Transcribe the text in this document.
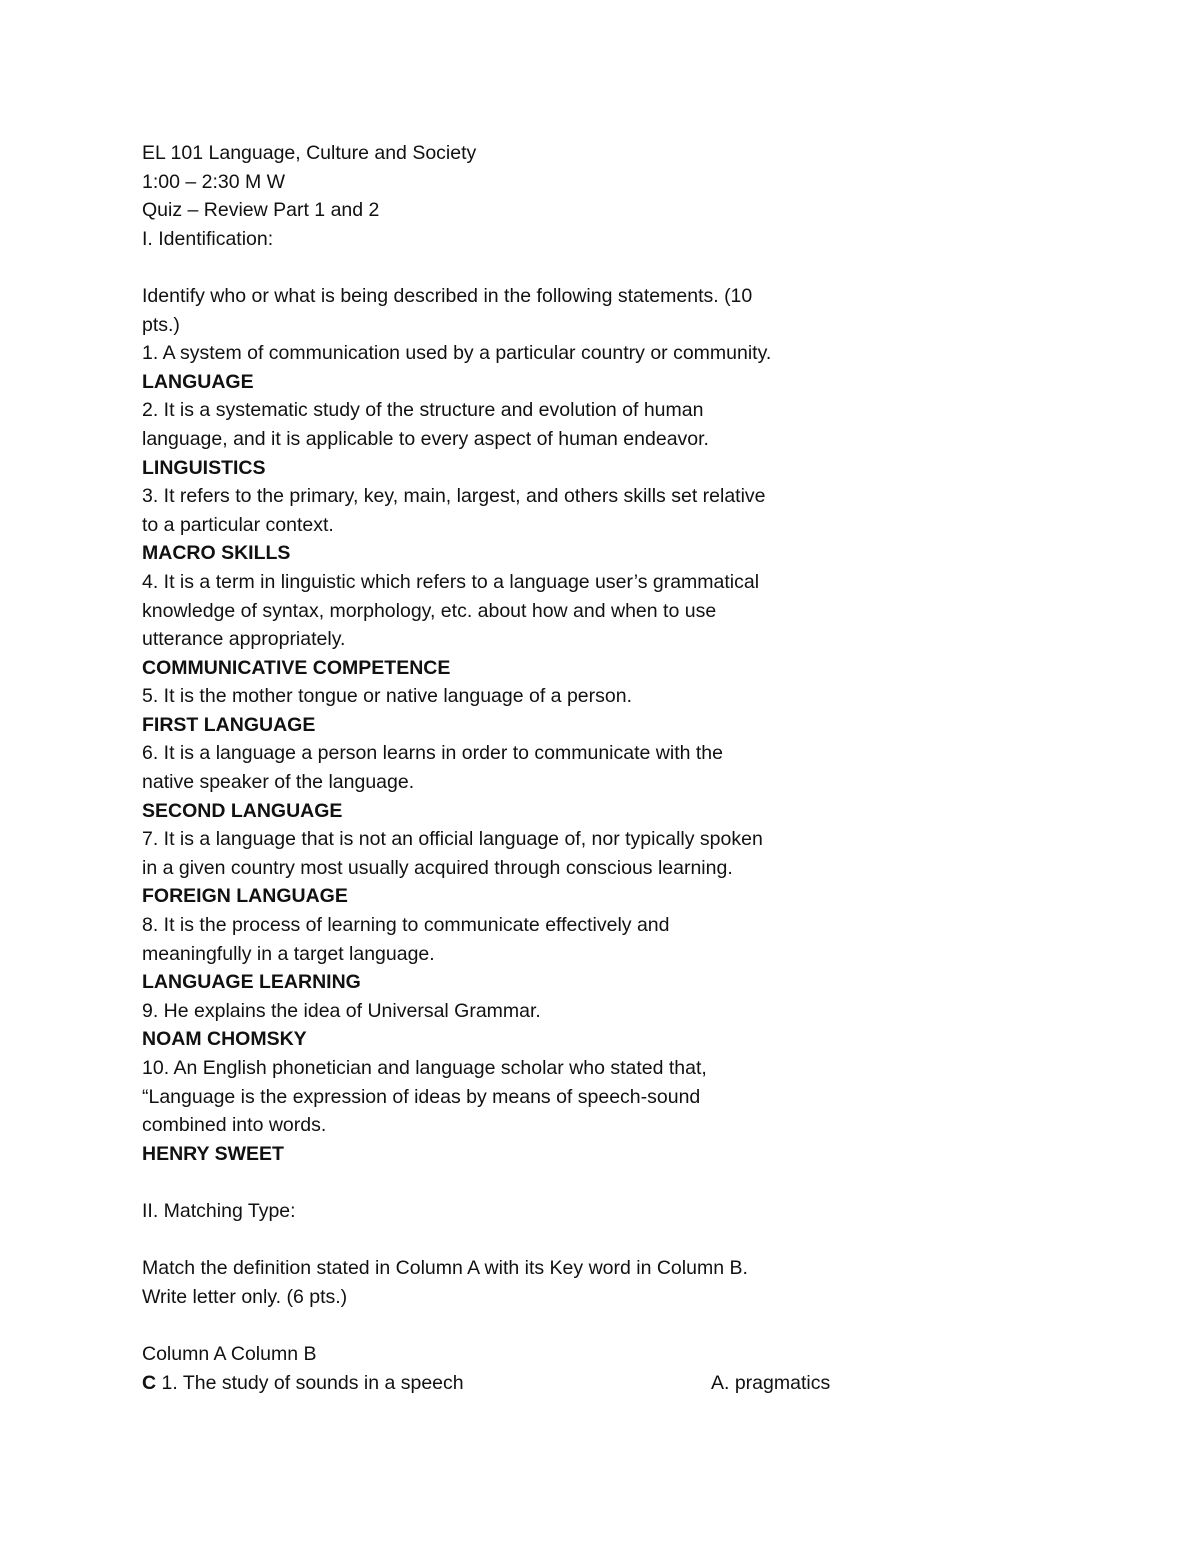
EL 101 Language, Culture and Society
1:00 – 2:30 M W
Quiz – Review Part 1 and 2
I. Identification:
Identify who or what is being described in the following statements. (10
pts.)
1. A system of communication used by a particular country or community.
LANGUAGE
2. It is a systematic study of the structure and evolution of human
language, and it is applicable to every aspect of human endeavor.
LINGUISTICS
3. It refers to the primary, key, main, largest, and others skills set relative
to a particular context.
MACRO SKILLS
4. It is a term in linguistic which refers to a language user’s grammatical
knowledge of syntax, morphology, etc. about how and when to use
utterance appropriately.
COMMUNICATIVE COMPETENCE
5. It is the mother tongue or native language of a person.
FIRST LANGUAGE
6. It is a language a person learns in order to communicate with the
native speaker of the language.
SECOND LANGUAGE
7. It is a language that is not an official language of, nor typically spoken
in a given country most usually acquired through conscious learning.
FOREIGN LANGUAGE
8. It is the process of learning to communicate effectively and
meaningfully in a target language.
LANGUAGE LEARNING
9. He explains the idea of Universal Grammar.
NOAM CHOMSKY
10. An English phonetician and language scholar who stated that,
“Language is the expression of ideas by means of speech-sound
combined into words.
HENRY SWEET
II. Matching Type:
Match the definition stated in Column A with its Key word in Column B.
Write letter only. (6 pts.)
Column A Column B
C 1. The study of sounds in a speech	A. pragmatics
